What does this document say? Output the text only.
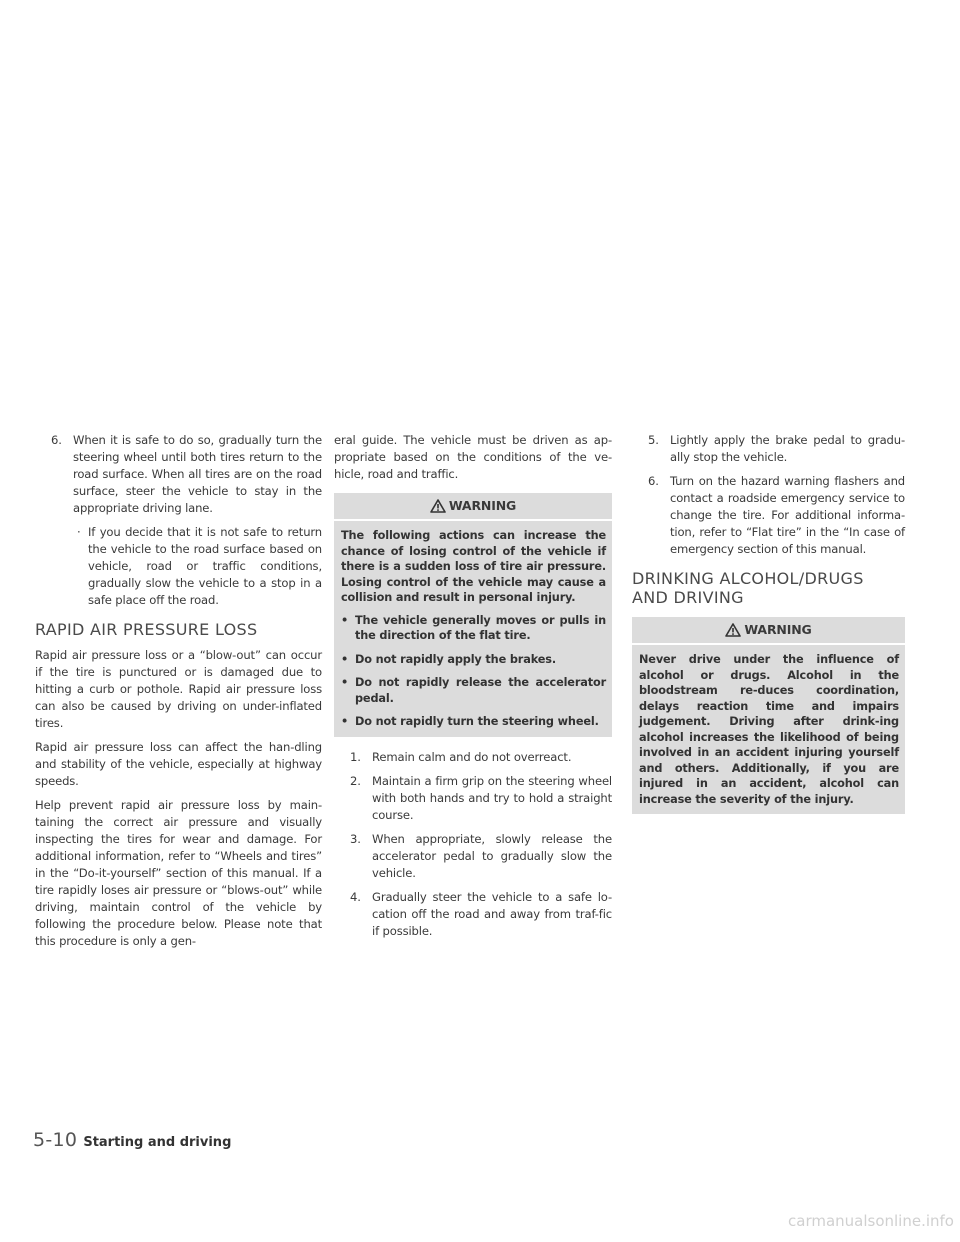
6. When it is safe to do so, gradually turn the steering wheel until both tires return to the road surface. When all tires are on the road surface, steer the vehicle to stay in the appropriate driving lane.
· If you decide that it is not safe to return the vehicle to the road surface based on vehicle, road or traffic conditions, gradually slow the vehicle to a stop in a safe place off the road.
RAPID AIR PRESSURE LOSS

Rapid air pressure loss or a “blow-out” can occur if the tire is punctured or is damaged due to hitting a curb or pothole. Rapid air pressure loss can also be caused by driving on under-inflated tires.

Rapid air pressure loss can affect the han-dling and stability of the vehicle, especially at highway speeds.

Help prevent rapid air pressure loss by main-taining the correct air pressure and visually inspecting the tires for wear and damage. For additional information, refer to “Wheels and tires” in the “Do-it-yourself” section of this manual. If a tire rapidly loses air pressure or “blows-out” while driving, maintain control of the vehicle by following the procedure below. Please note that this procedure is only a gen-

eral guide. The vehicle must be driven as ap-propriate based on the conditions of the ve-hicle, road and traffic.

WARNING

The following actions can increase the chance of losing control of the vehicle if there is a sudden loss of tire air pressure. Losing control of the vehicle may cause a collision and result in personal injury.

• The vehicle generally moves or pulls in the direction of the flat tire.
• Do not rapidly apply the brakes.
• Do not rapidly release the accelerator pedal.
• Do not rapidly turn the steering wheel.
1. Remain calm and do not overreact.
2. Maintain a firm grip on the steering wheel with both hands and try to hold a straight course.
3. When appropriate, slowly release the accelerator pedal to gradually slow the vehicle.
4. Gradually steer the vehicle to a safe lo-cation off the road and away from traf-fic if possible.
5. Lightly apply the brake pedal to gradu-ally stop the vehicle.
6. Turn on the hazard warning flashers and contact a roadside emergency service to change the tire. For additional informa-tion, refer to “Flat tire” in the “In case of emergency section of this manual.
DRINKING ALCOHOL/DRUGS
AND DRIVING
WARNING

Never drive under the influence of alcohol or drugs. Alcohol in the bloodstream re-duces coordination, delays reaction time and impairs judgement. Driving after drink-ing alcohol increases the likelihood of being involved in an accident injuring yourself and others. Additionally, if you are injured in an accident, alcohol can increase the severity of the injury.

5-10 Starting and driving
carmanualsonline.info
